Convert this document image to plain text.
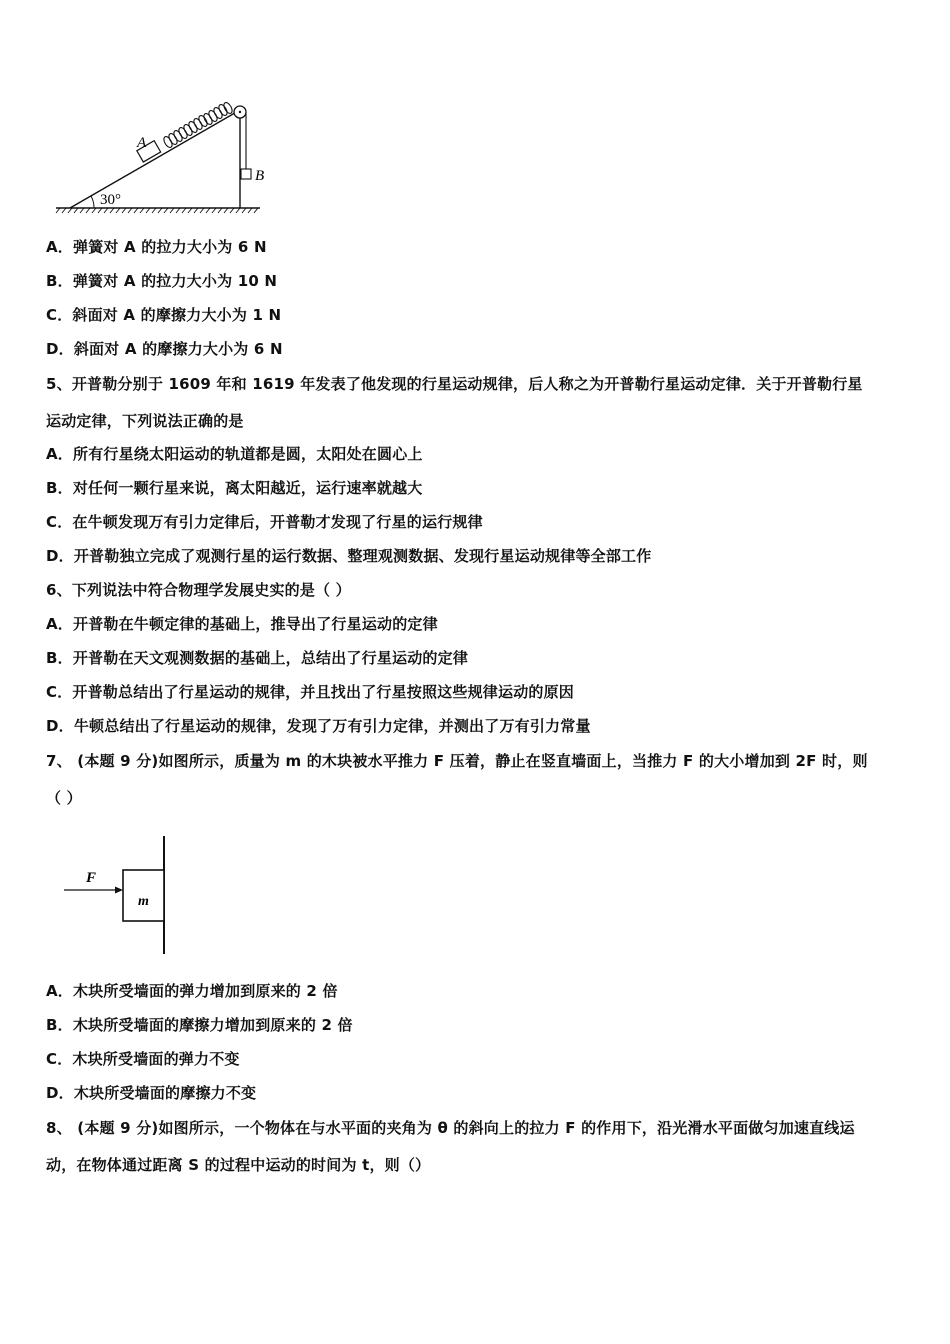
30°
A
B
A．弹簧对 A 的拉力大小为 6 N
B．弹簧对 A 的拉力大小为 10 N
C．斜面对 A 的摩擦力大小为 1 N
D．斜面对 A 的摩擦力大小为 6 N
5、开普勒分别于 1609 年和 1619 年发表了他发现的行星运动规律，后人称之为开普勒行星运动定律．关于开普勒行星
运动定律，下列说法正确的是
A．所有行星绕太阳运动的轨道都是圆，太阳处在圆心上
B．对任何一颗行星来说，离太阳越近，运行速率就越大
C．在牛顿发现万有引力定律后，开普勒才发现了行星的运行规律
D．开普勒独立完成了观测行星的运行数据、整理观测数据、发现行星运动规律等全部工作
6、下列说法中符合物理学发展史实的是（ ）
A．开普勒在牛顿定律的基础上，推导出了行星运动的定律
B．开普勒在天文观测数据的基础上，总结出了行星运动的定律
C．开普勒总结出了行星运动的规律，并且找出了行星按照这些规律运动的原因
D．牛顿总结出了行星运动的规律，发现了万有引力定律，并测出了万有引力常量
7、 (本题 9 分)如图所示，质量为 m 的木块被水平推力 F 压着，静止在竖直墙面上，当推力 F 的大小增加到 2F 时，则
（ ）
m
F
A．木块所受墙面的弹力增加到原来的 2 倍
B．木块所受墙面的摩擦力增加到原来的 2 倍
C．木块所受墙面的弹力不变
D．木块所受墙面的摩擦力不变
8、 (本题 9 分)如图所示，一个物体在与水平面的夹角为 θ 的斜向上的拉力 F 的作用下，沿光滑水平面做匀加速直线运
动，在物体通过距离 S 的过程中运动的时间为 t，则（）
